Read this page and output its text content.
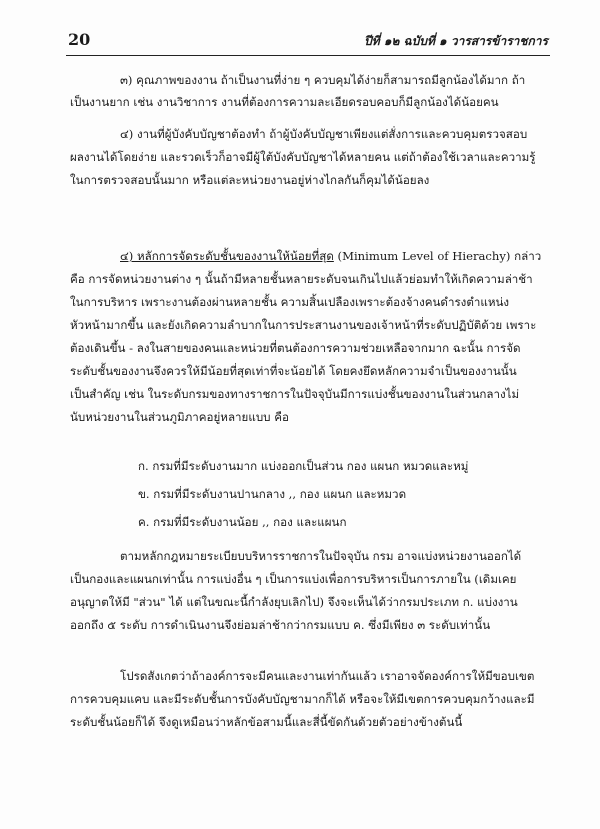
20	ปีที่ ๑๒ ฉบับที่ ๑ วารสารข้าราชการ
๓) คุณภาพของงาน ถ้าเป็นงานที่ง่าย ๆ ควบคุมได้ง่ายก็สามารถมีลูกน้องได้มาก ถ้า
เป็นงานยาก เช่น งานวิชาการ งานที่ต้องการความละเอียดรอบคอบก็มีลูกน้องได้น้อยคน
๔) งานที่ผู้บังคับบัญชาต้องทำ ถ้าผู้บังคับบัญชาเพียงแต่สั่งการและควบคุมตรวจสอบ
ผลงานได้โดยง่าย และรวดเร็วก็อาจมีผู้ใต้บังคับบัญชาได้หลายคน แต่ถ้าต้องใช้เวลาและความรู้
ในการตรวจสอบนั้นมาก หรือแต่ละหน่วยงานอยู่ห่างไกลกันก็คุมได้น้อยลง
๔) หลักการจัดระดับชั้นของงานให้น้อยที่สุด (Minimum Level of Hierachy) กล่าว
คือ การจัดหน่วยงานต่าง ๆ นั้นถ้ามีหลายชั้นหลายระดับจนเกินไปแล้วย่อมทำให้เกิดความล่าช้า
ในการบริหาร เพราะงานต้องผ่านหลายชั้น ความสิ้นเปลืองเพราะต้องจ้างคนดำรงตำแหน่ง
หัวหน้ามากขึ้น และยังเกิดความลำบากในการประสานงานของเจ้าหน้าที่ระดับปฏิบัติด้วย เพราะ
ต้องเดินขึ้น - ลงในสายของคนและหน่วยที่ตนต้องการความช่วยเหลือจากมาก ฉะนั้น การจัด
ระดับชั้นของงานจึงควรให้มีน้อยที่สุดเท่าที่จะน้อยได้ โดยคงยึดหลักความจำเป็นของงานนั้น
เป็นสำคัญ เช่น ในระดับกรมของทางราชการในปัจจุบันมีการแบ่งชั้นของงานในส่วนกลางไม่
นับหน่วยงานในส่วนภูมิภาคอยู่หลายแบบ คือ
ก. กรมที่มีระดับงานมาก แบ่งออกเป็นส่วน กอง แผนก หมวดและหมู่
ข. กรมที่มีระดับงานปานกลาง ,, กอง แผนก และหมวด
ค. กรมที่มีระดับงานน้อย ,, กอง และแผนก
ตามหลักกฎหมายระเบียบบริหารราชการในปัจจุบัน กรม อาจแบ่งหน่วยงานออกได้
เป็นกองและแผนกเท่านั้น การแบ่งอื่น ๆ เป็นการแบ่งเพื่อการบริหารเป็นการภายใน (เดิมเคย
อนุญาตให้มี "ส่วน" ได้ แต่ในขณะนี้กำลังยุบเลิกไป) จึงจะเห็นได้ว่ากรมประเภท ก. แบ่งงาน
ออกถึง ๕ ระดับ การดำเนินงานจึงย่อมล่าช้ากว่ากรมแบบ ค. ซึ่งมีเพียง ๓ ระดับเท่านั้น
โปรดสังเกตว่าถ้าองค์การจะมีคนและงานเท่ากันแล้ว เราอาจจัดองค์การให้มีขอบเขต
การควบคุมแคบ และมีระดับชั้นการบังคับบัญชามากก็ได้ หรือจะให้มีเขตการควบคุมกว้างและมี
ระดับชั้นน้อยก็ได้ จึงดูเหมือนว่าหลักข้อสามนี้และสี่นี้ขัดกันด้วยตัวอย่างข้างต้นนี้
